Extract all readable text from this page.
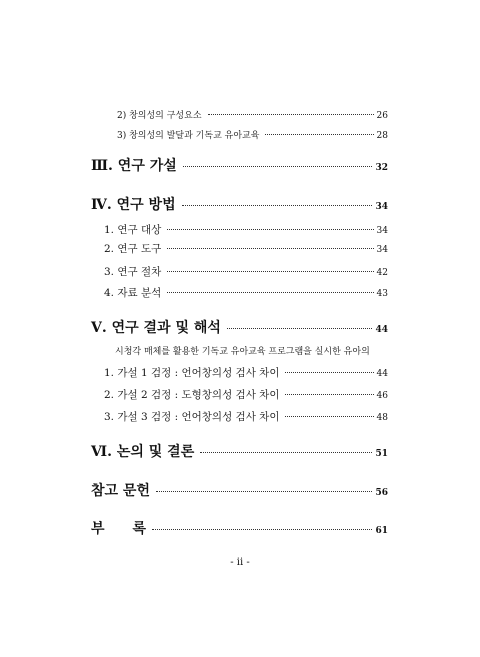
2) 창의성의 구성요소	26
3) 창의성의 발달과 기독교 유아교육	28
Ⅲ. 연구 가설	32
Ⅳ. 연구 방법	34
1. 연구 대상	34
2. 연구 도구	34
3. 연구 절차	42
4. 자료 분석	43
Ⅴ. 연구 결과 및 해석	44
시청각 매체를 활용한 기독교 유아교육 프로그램을 실시한 유아의
1. 가설 1 검정 : 언어창의성 검사 차이	44
2. 가설 2 검정 : 도형창의성 검사 차이	46
3. 가설 3 검정 : 언어창의성 검사 차이	48
Ⅵ. 논의 및 결론	51
참고 문헌	56
부　　록	61
- ii -
